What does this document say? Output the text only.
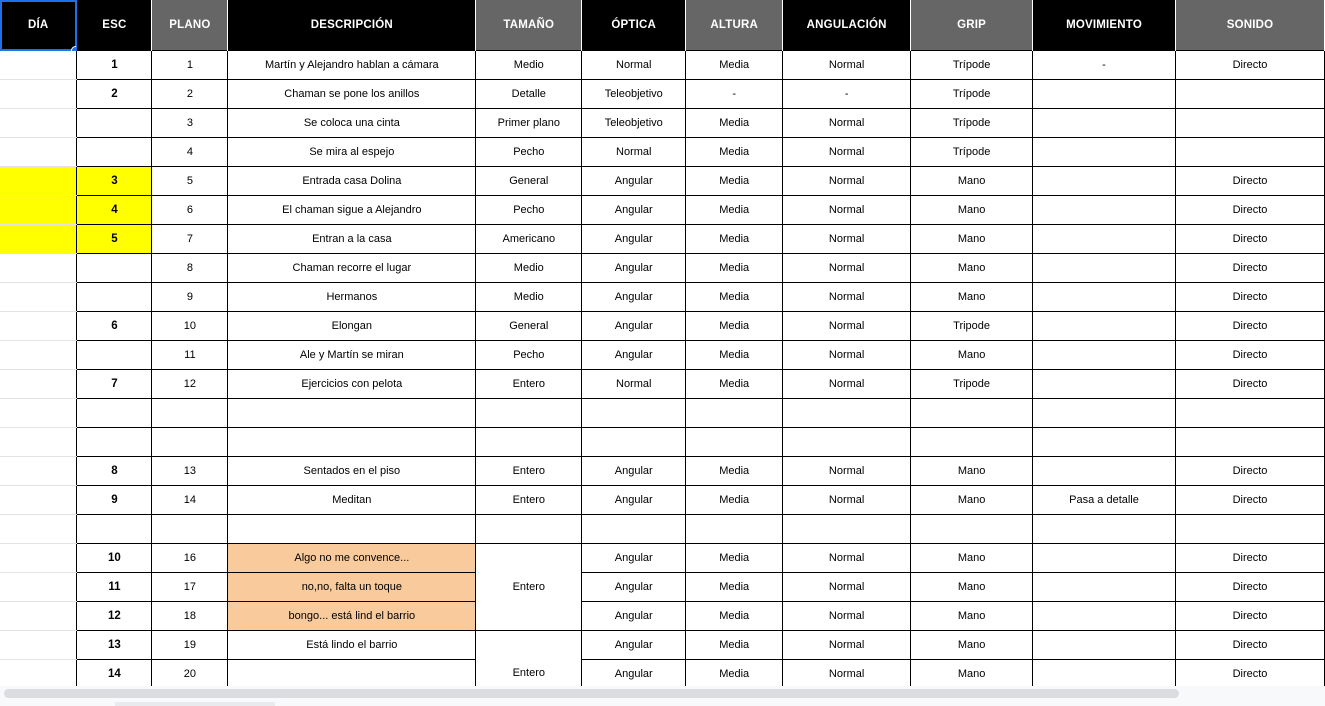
DÍA	ESC	PLANO	DESCRIPCIÓN	TAMAÑO	ÓPTICA	ALTURA	ANGULACIÓN	GRIP	MOVIMIENTO	SONIDO
	1	1	Martín y Alejandro hablan a cámara	Medio	Normal	Media	Normal	Trípode	-	Directo
	2	2	Chaman se pone los anillos	Detalle	Teleobjetivo	-	-	Trípode		
		3	Se coloca una cinta	Primer plano	Teleobjetivo	Media	Normal	Trípode		
		4	Se mira al espejo	Pecho	Normal	Media	Normal	Trípode		
	3	5	Entrada casa Dolina	General	Angular	Media	Normal	Mano		Directo
	4	6	El chaman sigue a Alejandro	Pecho	Angular	Media	Normal	Mano		Directo
	5	7	Entran a la casa	Americano	Angular	Media	Normal	Mano		Directo
		8	Chaman recorre el lugar	Medio	Angular	Media	Normal	Mano		Directo
		9	Hermanos	Medio	Angular	Media	Normal	Mano		Directo
	6	10	Elongan	General	Angular	Media	Normal	Tripode		Directo
		11	Ale y Martín se miran	Pecho	Angular	Media	Normal	Mano		Directo
	7	12	Ejercicios con pelota	Entero	Normal	Media	Normal	Tripode		Directo

	8	13	Sentados en el piso	Entero	Angular	Media	Normal	Mano		Directo
	9	14	Meditan	Entero	Angular	Media	Normal	Mano	Pasa a detalle	Directo

	10	16	Algo no me convence...	Entero	Angular	Media	Normal	Mano		Directo
	11	17	no,no, falta un toque		Angular	Media	Normal	Mano		Directo
	12	18	bongo... está lind el barrio		Angular	Media	Normal	Mano		Directo
	13	19	Está lindo el barrio	Entero	Angular	Media	Normal	Mano		Directo
	14	20			Angular	Media	Normal	Mano		Directo
